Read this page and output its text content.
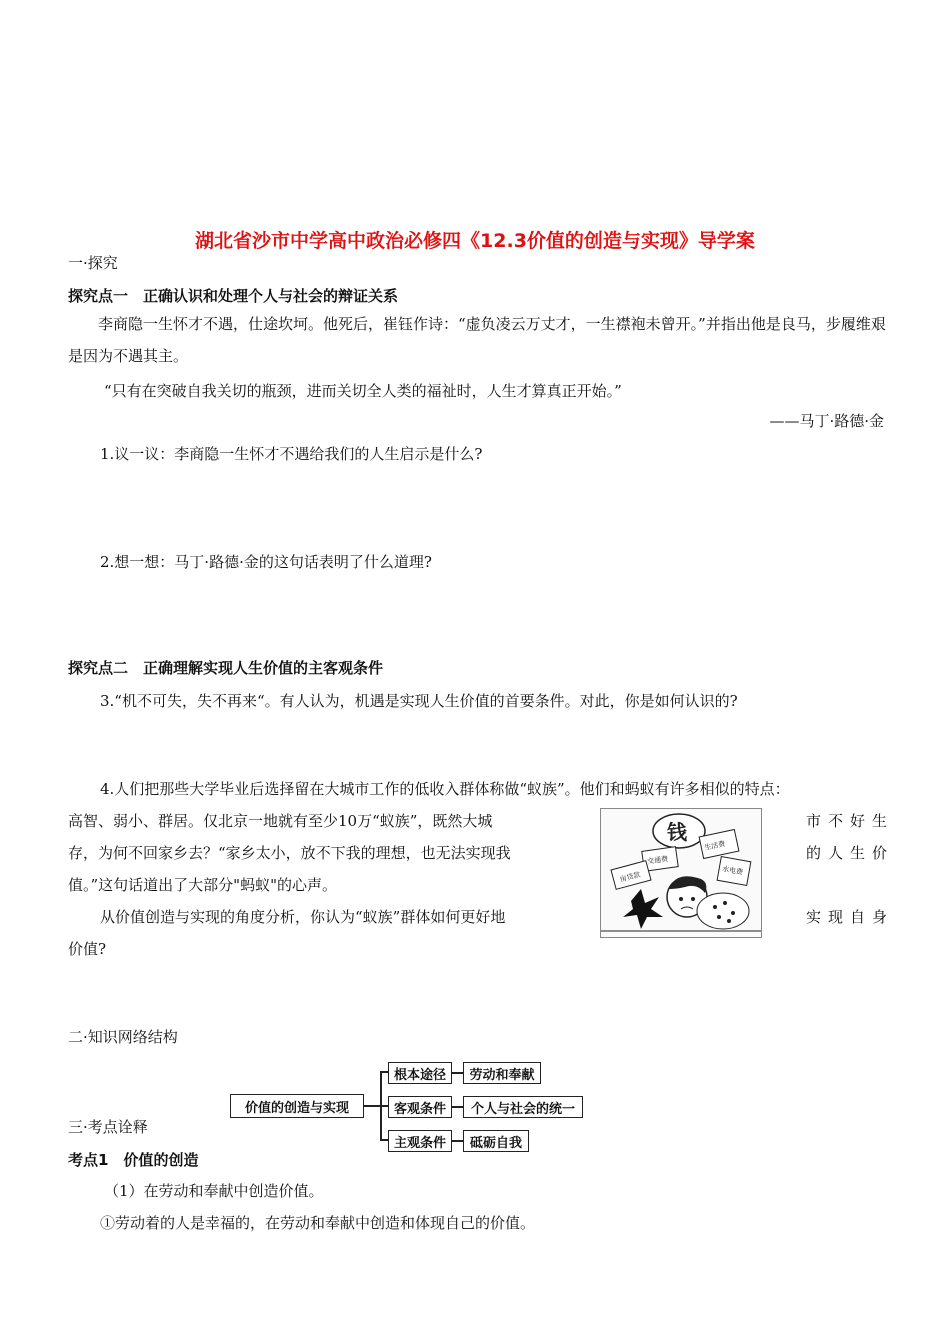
湖北省沙市中学高中政治必修四《12.3价值的创造与实现》导学案
一·探究
探究点一　正确认识和处理个人与社会的辩证关系
李商隐一生怀才不遇，仕途坎坷。他死后，崔钰作诗：“虚负凌云万丈才，一生襟袍未曾开。”并指出他是良马，步履维艰是因为不遇其主。
“只有在突破自我关切的瓶颈，进而关切全人类的福祉时，人生才算真正开始。”
——马丁·路德·金
1.议一议：李商隐一生怀才不遇给我们的人生启示是什么?
2.想一想：马丁·路德·金的这句话表明了什么道理?
探究点二　正确理解实现人生价值的主客观条件
3.“机不可失，失不再来“。有人认为，机遇是实现人生价值的首要条件。对此，你是如何认识的?
4.人们把那些大学毕业后选择留在大城市工作的低收入群体称做“蚁族”。他们和蚂蚁有许多相似的特点：
高智、弱小、群居。仅北京一地就有至少10万“蚁族”，既然大城	市不好生
存，为何不回家乡去？“家乡太小，放不下我的理想，也无法实现我	的人生价
值。”这句话道出了大部分"蚂蚁"的心声。
从价值创造与实现的角度分析，你认为“蚁族”群体如何更好地	实现自身
价值?
钱
房贷款
交通费
生活费
水电费
二·知识网络结构
价值的创造与实现
根本途径	劳动和奉献
客观条件	个人与社会的统一
主观条件	砥砺自我
三·考点诠释
考点1　价值的创造
（1）在劳动和奉献中创造价值。
①劳动着的人是幸福的，在劳动和奉献中创造和体现自己的价值。
